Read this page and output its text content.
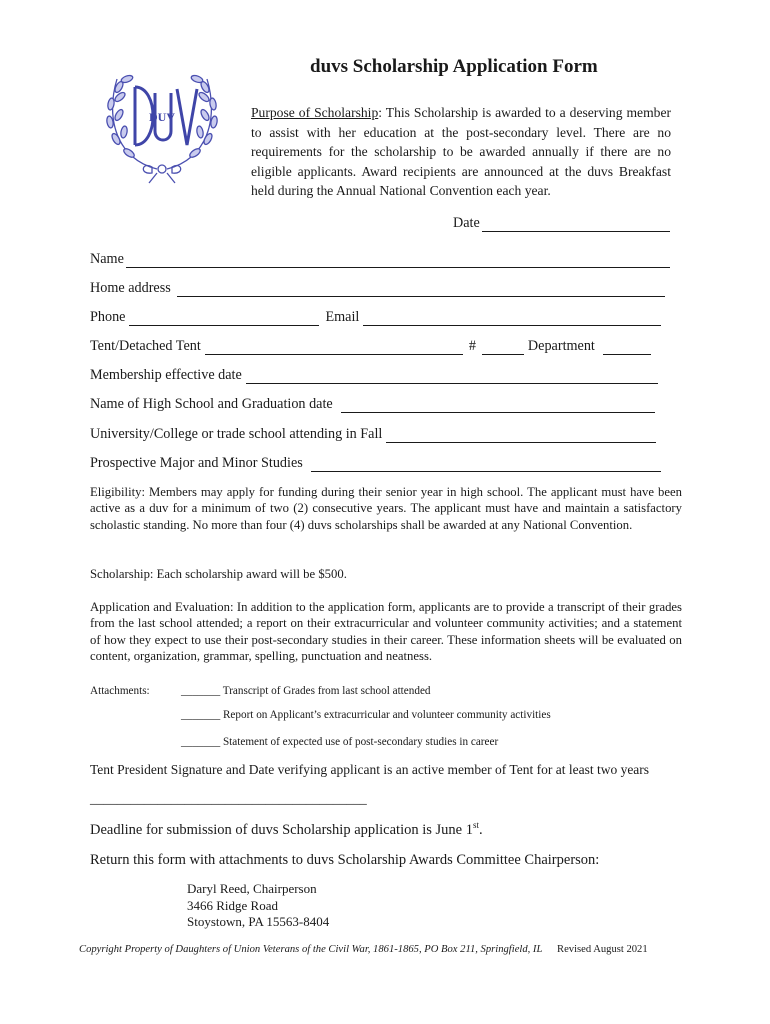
DUV
duvs Scholarship Application Form
Purpose of Scholarship: This Scholarship is awarded to a deserving member to assist with her education at the post-secondary level. There are no requirements for the scholarship to be awarded annually if there are no eligible applicants. Award recipients are announced at the duvs Breakfast held during the Annual National Convention each year.
Date
Name
Home address
Phone	Email
Tent/Detached Tent	#	Department
Membership effective date
Name of High School and Graduation date
University/College or trade school attending in Fall
Prospective Major and Minor Studies
Eligibility: Members may apply for funding during their senior year in high school. The applicant must have been active as a duv for a minimum of two (2) consecutive years. The applicant must have and maintain a satisfactory scholastic standing. No more than four (4) duvs scholarships shall be awarded at any National Convention.
Scholarship: Each scholarship award will be $500.
Application and Evaluation: In addition to the application form, applicants are to provide a transcript of their grades from the last school attended; a report on their extracurricular and volunteer community activities; and a statement of how they expect to use their post-secondary studies in their career. These information sheets will be evaluated on content, organization, grammar, spelling, punctuation and neatness.
Attachments:	_______ Transcript of Grades from last school attended
_______ Report on Applicant’s extracurricular and volunteer community activities
_______ Statement of expected use of post-secondary studies in career
Tent President Signature and Date verifying applicant is an active member of Tent for at least two years
_________________________________________
Deadline for submission of duvs Scholarship application is June 1st.
Return this form with attachments to duvs Scholarship Awards Committee Chairperson:
Daryl Reed, Chairperson
3466 Ridge Road
Stoystown, PA 15563-8404
Copyright Property of Daughters of Union Veterans of the Civil War, 1861-1865, PO Box 211, Springfield, IL Revised August 2021
